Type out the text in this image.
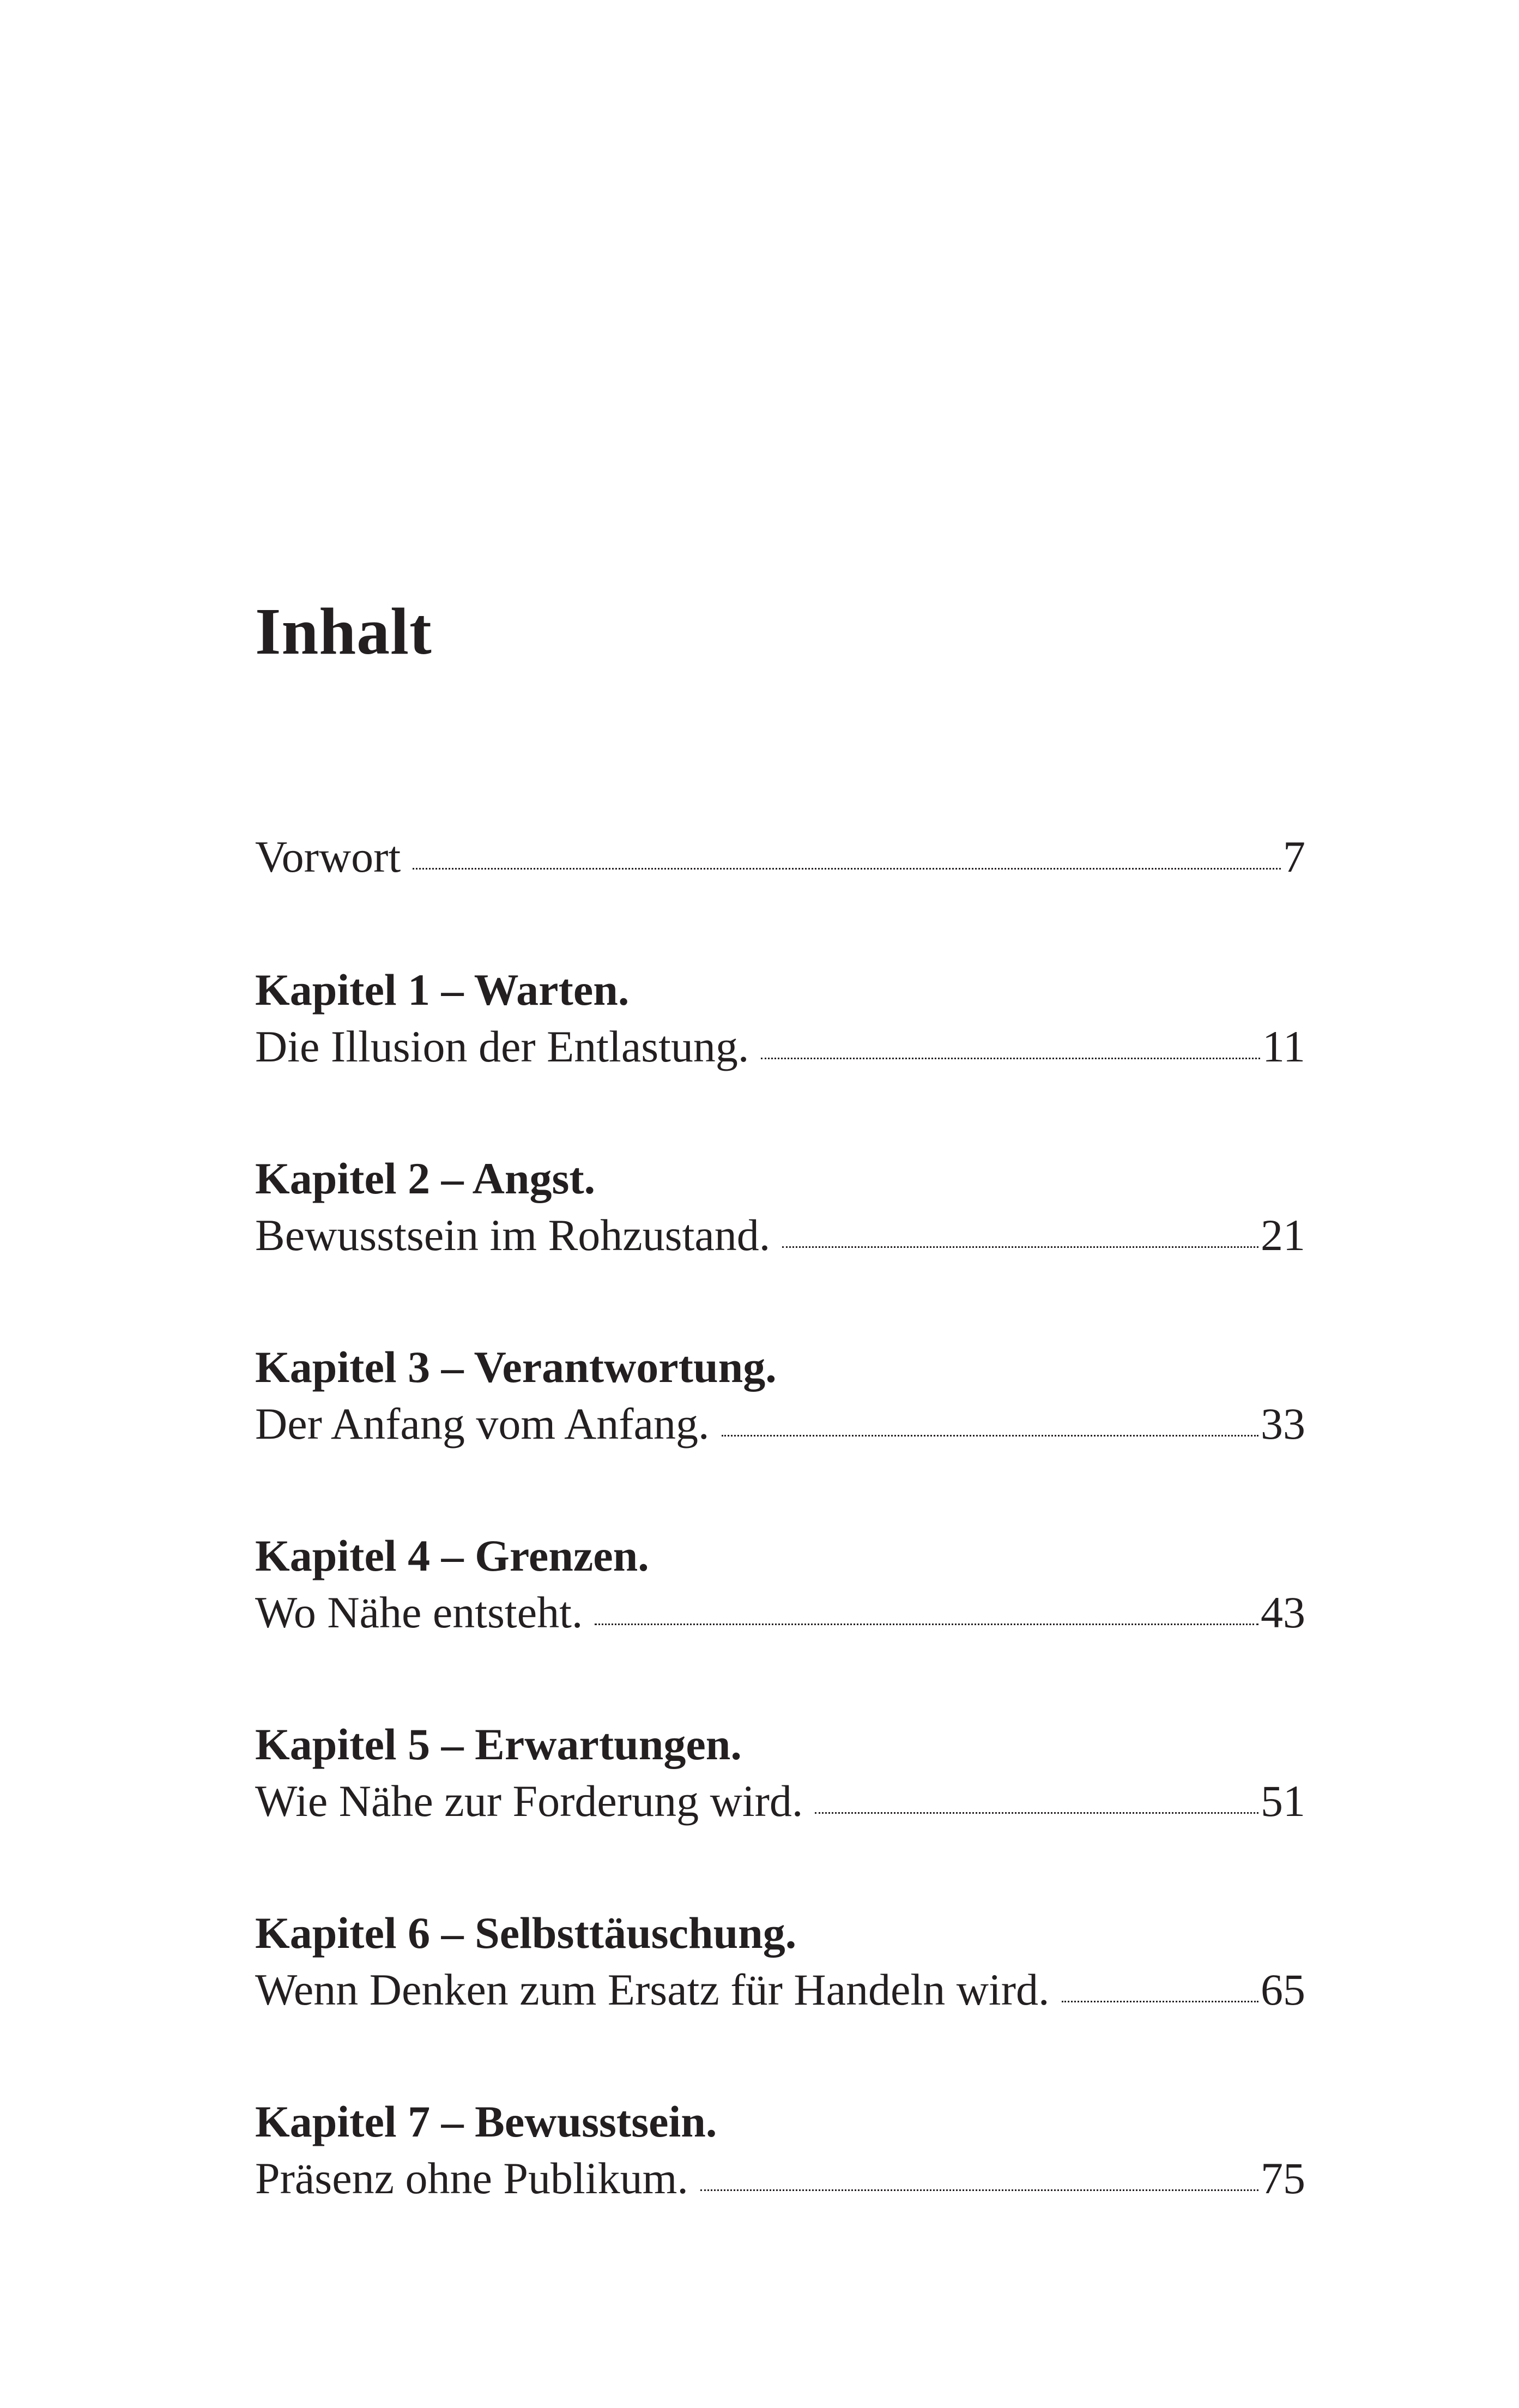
Inhalt
Vorwort	7
Kapitel 1 – Warten.
Die Illusion der Entlastung.	11
Kapitel 2 – Angst.
Bewusstsein im Rohzustand.	21
Kapitel 3 – Verantwortung.
Der Anfang vom Anfang.	33
Kapitel 4 – Grenzen.
Wo Nähe entsteht.	43
Kapitel 5 – Erwartungen.
Wie Nähe zur Forderung wird.	51
Kapitel 6 – Selbsttäuschung.
Wenn Denken zum Ersatz für Handeln wird.	65
Kapitel 7 – Bewusstsein.
Präsenz ohne Publikum.	75
